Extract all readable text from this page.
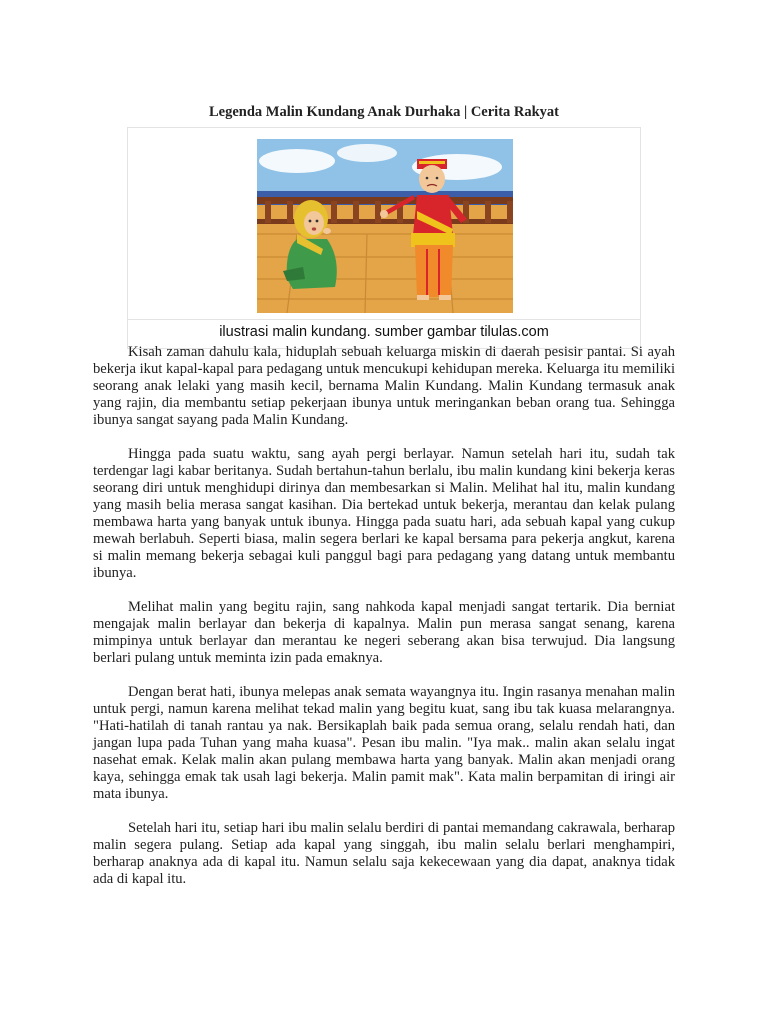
Legenda Malin Kundang Anak Durhaka | Cerita Rakyat
ilustrasi malin kundang. sumber gambar tilulas.com

Kisah zaman dahulu kala, hiduplah sebuah keluarga miskin di daerah pesisir pantai. Si ayah bekerja ikut kapal-kapal para pedagang untuk mencukupi kehidupan mereka. Keluarga itu memiliki seorang anak lelaki yang masih kecil, bernama Malin Kundang. Malin Kundang termasuk anak yang rajin, dia membantu setiap pekerjaan ibunya untuk meringankan beban orang tua. Sehingga ibunya sangat sayang pada Malin Kundang.

Hingga pada suatu waktu, sang ayah pergi berlayar. Namun setelah hari itu, sudah tak terdengar lagi kabar beritanya. Sudah bertahun-tahun berlalu, ibu malin kundang kini bekerja keras seorang diri untuk menghidupi dirinya dan membesarkan si Malin. Melihat hal itu, malin kundang yang masih belia merasa sangat kasihan. Dia bertekad untuk bekerja, merantau dan kelak pulang membawa harta yang banyak untuk ibunya. Hingga pada suatu hari, ada sebuah kapal yang cukup mewah berlabuh. Seperti biasa, malin segera berlari ke kapal bersama para pekerja angkut, karena si malin memang bekerja sebagai kuli panggul bagi para pedagang yang datang untuk membantu ibunya.

Melihat malin yang begitu rajin, sang nahkoda kapal menjadi sangat tertarik. Dia berniat mengajak malin berlayar dan bekerja di kapalnya. Malin pun merasa sangat senang, karena mimpinya untuk berlayar dan merantau ke negeri seberang akan bisa terwujud. Dia langsung berlari pulang untuk meminta izin pada emaknya.

Dengan berat hati, ibunya melepas anak semata wayangnya itu. Ingin rasanya menahan malin untuk pergi, namun karena melihat tekad malin yang begitu kuat, sang ibu tak kuasa melarangnya. "Hati-hatilah di tanah rantau ya nak. Bersikaplah baik pada semua orang, selalu rendah hati, dan jangan lupa pada Tuhan yang maha kuasa". Pesan ibu malin. "Iya mak.. malin akan selalu ingat nasehat emak. Kelak malin akan pulang membawa harta yang banyak. Malin akan menjadi orang kaya, sehingga emak tak usah lagi bekerja. Malin pamit mak". Kata malin berpamitan di iringi air mata ibunya.

Setelah hari itu, setiap hari ibu malin selalu berdiri di pantai memandang cakrawala, berharap malin segera pulang. Setiap ada kapal yang singgah, ibu malin selalu berlari menghampiri, berharap anaknya ada di kapal itu. Namun selalu saja kekecewaan yang dia dapat, anaknya tidak ada di kapal itu.
